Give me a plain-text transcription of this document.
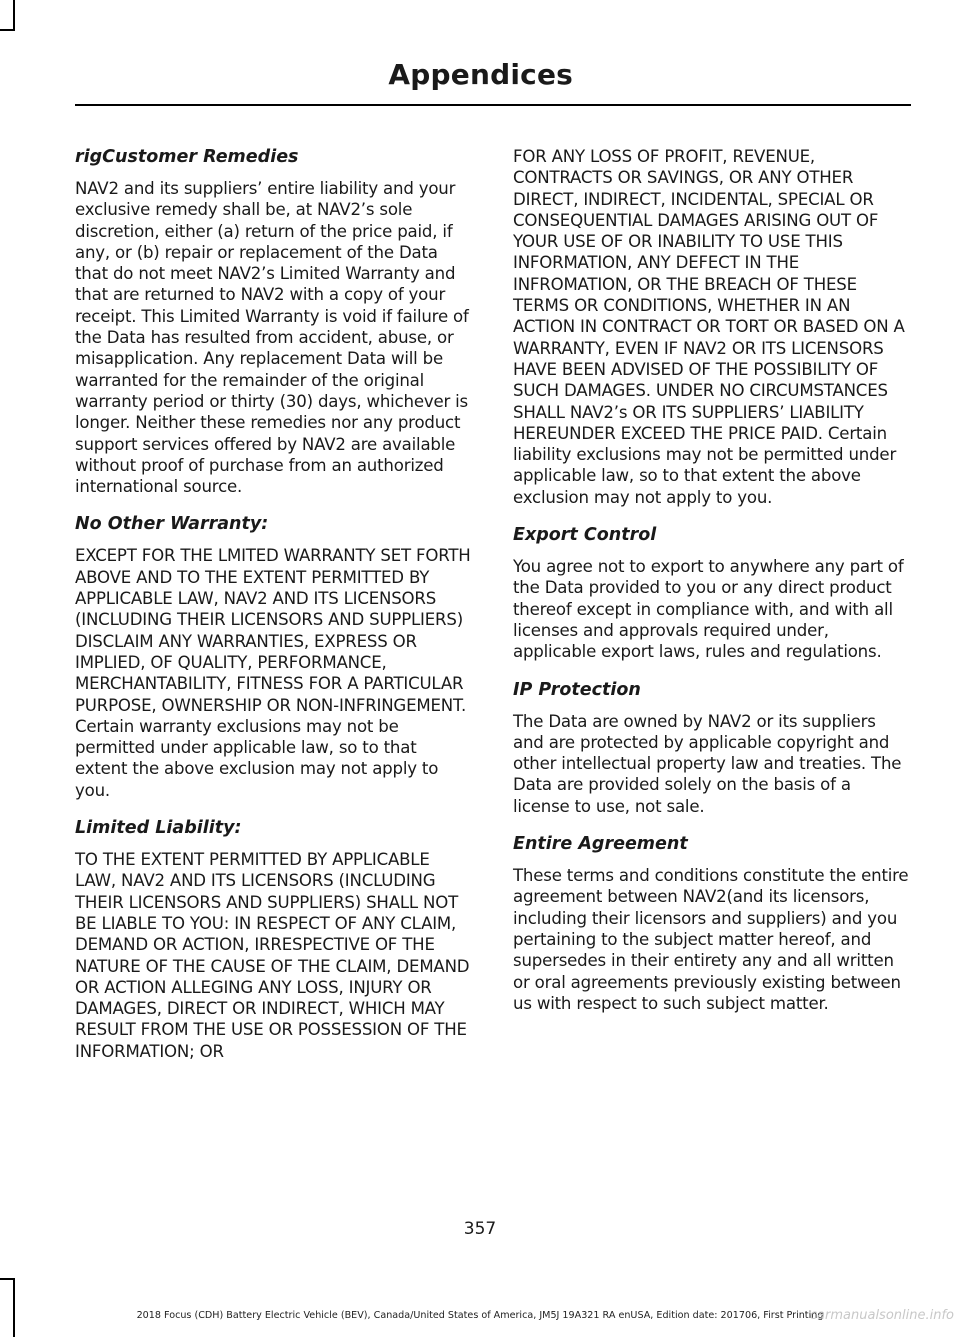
Appendices
rigCustomer Remedies
NAV2 and its suppliers’ entire liability and your exclusive remedy shall be, at NAV2’s sole discretion, either (a) return of the price paid, if any, or (b) repair or replacement of the Data that do not meet NAV2’s Limited Warranty and that are returned to NAV2 with a copy of your receipt. This Limited Warranty is void if failure of the Data has resulted from accident, abuse, or misapplication. Any replacement Data will be warranted for the remainder of the original warranty period or thirty (30) days, whichever is longer. Neither these remedies nor any product support services offered by NAV2 are available without proof of purchase from an authorized international source.
No Other Warranty:
EXCEPT FOR THE LMITED WARRANTY SET FORTH ABOVE AND TO THE EXTENT PERMITTED BY APPLICABLE LAW, NAV2 AND ITS LICENSORS (INCLUDING THEIR LICENSORS AND SUPPLIERS) DISCLAIM ANY WARRANTIES, EXPRESS OR IMPLIED, OF QUALITY, PERFORMANCE, MERCHANTABILITY, FITNESS FOR A PARTICULAR PURPOSE, OWNERSHIP OR NON-INFRINGEMENT. Certain warranty exclusions may not be permitted under applicable law, so to that extent the above exclusion may not apply to you.
Limited Liability:
TO THE EXTENT PERMITTED BY APPLICABLE LAW, NAV2 AND ITS LICENSORS (INCLUDING THEIR LICENSORS AND SUPPLIERS) SHALL NOT BE LIABLE TO YOU: IN RESPECT OF ANY CLAIM, DEMAND OR ACTION, IRRESPECTIVE OF THE NATURE OF THE CAUSE OF THE CLAIM, DEMAND OR ACTION ALLEGING ANY LOSS, INJURY OR DAMAGES, DIRECT OR INDIRECT, WHICH MAY RESULT FROM THE USE OR POSSESSION OF THE INFORMATION; OR
FOR ANY LOSS OF PROFIT, REVENUE, CONTRACTS OR SAVINGS, OR ANY OTHER DIRECT, INDIRECT, INCIDENTAL, SPECIAL OR CONSEQUENTIAL DAMAGES ARISING OUT OF YOUR USE OF OR INABILITY TO USE THIS INFORMATION, ANY DEFECT IN THE INFROMATION, OR THE BREACH OF THESE TERMS OR CONDITIONS, WHETHER IN AN ACTION IN CONTRACT OR TORT OR BASED ON A WARRANTY, EVEN IF NAV2 OR ITS LICENSORS HAVE BEEN ADVISED OF THE POSSIBILITY OF SUCH DAMAGES. UNDER NO CIRCUMSTANCES SHALL NAV2’s OR ITS SUPPLIERS’ LIABILITY HEREUNDER EXCEED THE PRICE PAID. Certain liability exclusions may not be permitted under applicable law, so to that extent the above exclusion may not apply to you.
Export Control
You agree not to export to anywhere any part of the Data provided to you or any direct product thereof except in compliance with, and with all licenses and approvals required under, applicable export laws, rules and regulations.
IP Protection
The Data are owned by NAV2 or its suppliers and are protected by applicable copyright and other intellectual property law and treaties. The Data are provided solely on the basis of a license to use, not sale.
Entire Agreement
These terms and conditions constitute the entire agreement between NAV2(and its licensors, including their licensors and suppliers) and you pertaining to the subject matter hereof, and supersedes in their entirety any and all written or oral agreements previously existing between us with respect to such subject matter.
357
2018 Focus (CDH) Battery Electric Vehicle (BEV), Canada/United States of America, JM5J 19A321 RA enUSA, Edition date: 201706, First Printing
carmanualsonline.info
